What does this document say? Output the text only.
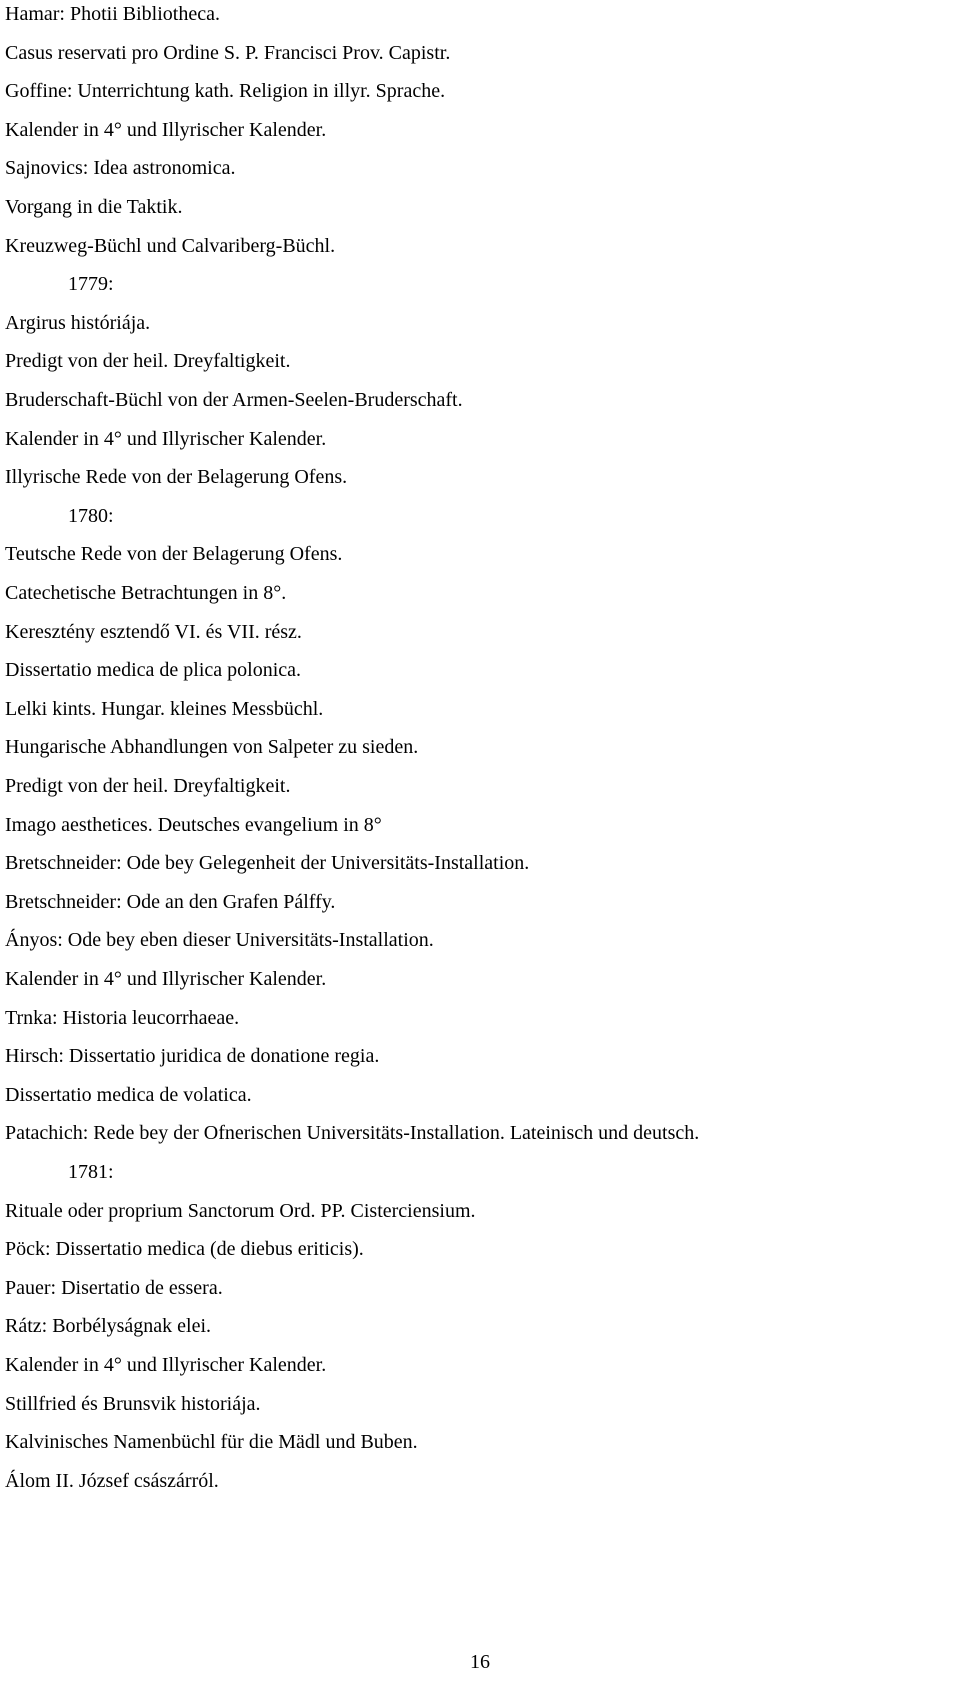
Hamar: Photii Bibliotheca.
Casus reservati pro Ordine S. P. Francisci Prov. Capistr.
Goffine: Unterrichtung kath. Religion in illyr. Sprache.
Kalender in 4° und Illyrischer Kalender.
Sajnovics: Idea astronomica.
Vorgang in die Taktik.
Kreuzweg-Büchl und Calvariberg-Büchl.
1779:
Argirus históriája.
Predigt von der heil. Dreyfaltigkeit.
Bruderschaft-Büchl von der Armen-Seelen-Bruderschaft.
Kalender in 4° und Illyrischer Kalender.
Illyrische Rede von der Belagerung Ofens.
1780:
Teutsche Rede von der Belagerung Ofens.
Catechetische Betrachtungen in 8°.
Keresztény esztendő VI. és VII. rész.
Dissertatio medica de plica polonica.
Lelki kints. Hungar. kleines Messbüchl.
Hungarische Abhandlungen von Salpeter zu sieden.
Predigt von der heil. Dreyfaltigkeit.
Imago aesthetices. Deutsches evangelium in 8°
Bretschneider: Ode bey Gelegenheit der Universitäts-Installation.
Bretschneider: Ode an den Grafen Pálffy.
Ányos: Ode bey eben dieser Universitäts-Installation.
Kalender in 4° und Illyrischer Kalender.
Trnka: Historia leucorrhaeae.
Hirsch: Dissertatio juridica de donatione regia.
Dissertatio medica de volatica.
Patachich: Rede bey der Ofnerischen Universitäts-Installation. Lateinisch und deutsch.
1781:
Rituale oder proprium Sanctorum Ord. PP. Cisterciensium.
Pöck: Dissertatio medica (de diebus eriticis).
Pauer: Disertatio de essera.
Rátz: Borbélyságnak elei.
Kalender in 4° und Illyrischer Kalender.
Stillfried és Brunsvik historiája.
Kalvinisches Namenbüchl für die Mädl und Buben.
Álom II. József császárról.
16
